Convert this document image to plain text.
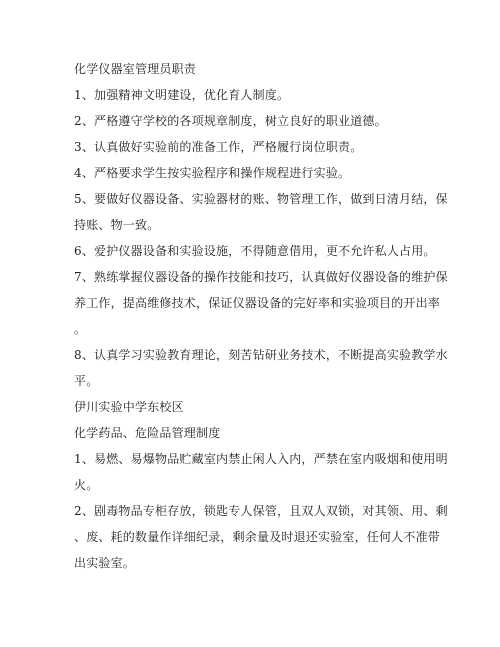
化学仪器室管理员职责
1、加强精神文明建设，优化育人制度。
2、严格遵守学校的各项规章制度，树立良好的职业道德。
3、认真做好实验前的准备工作，严格履行岗位职责。
4、严格要求学生按实验程序和操作规程进行实验。
5、要做好仪器设备、实验器材的账、物管理工作，做到日清月结，保
持账、物一致。
6、爱护仪器设备和实验设施，不得随意借用，更不允许私人占用。
7、熟练掌握仪器设备的操作技能和技巧，认真做好仪器设备的维护保
养工作，提高维修技术，保证仪器设备的完好率和实验项目的开出率
。
8、认真学习实验教育理论，刻苦钻研业务技术，不断提高实验教学水
平。
伊川实验中学东校区
化学药品、危险品管理制度
1、易燃、易爆物品贮藏室内禁止闲人入内，严禁在室内吸烟和使用明
火。
2、剧毒物品专柜存放，锁匙专人保管，且双人双锁，对其领、用、剩
、废、耗的数量作详细纪录，剩余量及时退还实验室，任何人不准带
出实验室。
